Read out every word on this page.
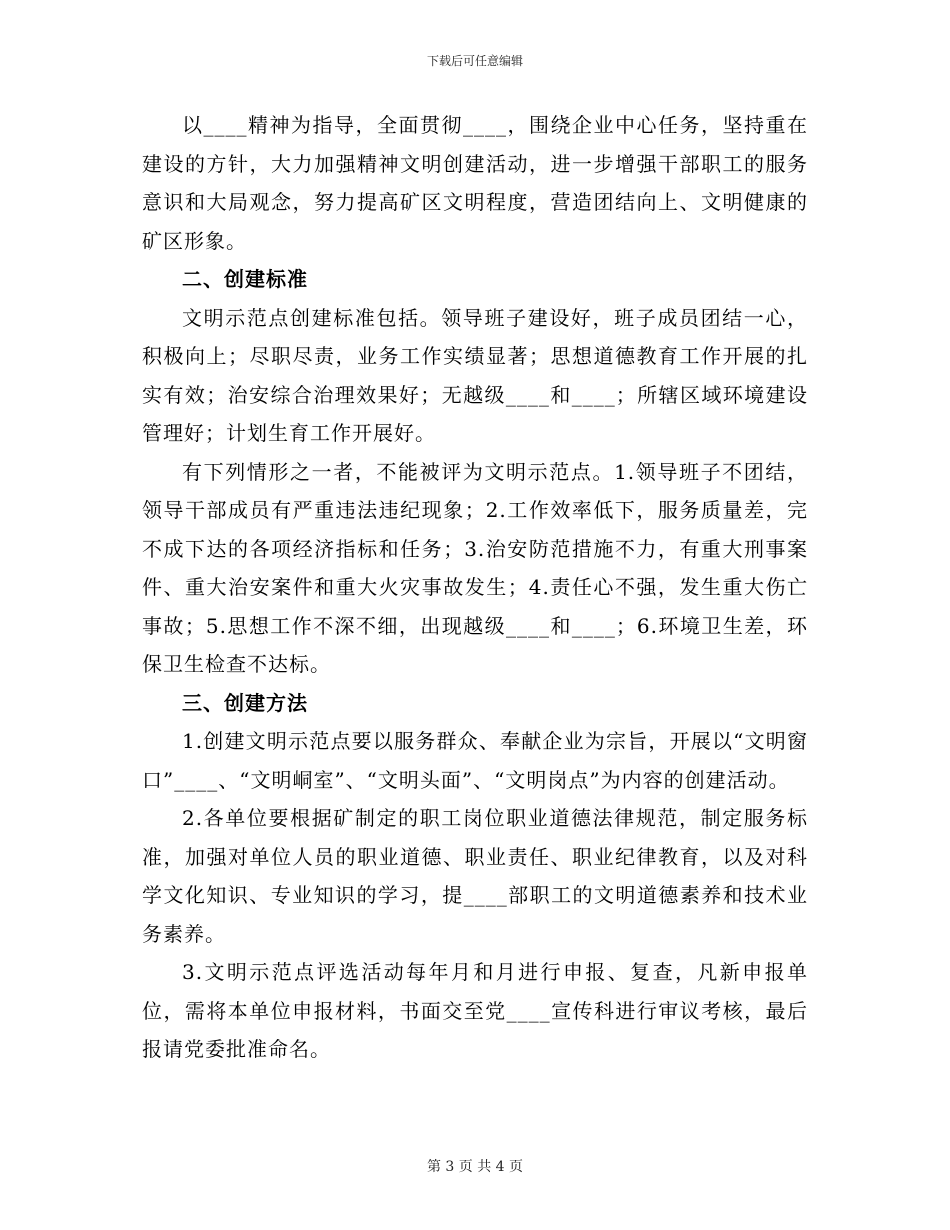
下载后可任意编辑

以____精神为指导，全面贯彻____，围绕企业中心任务，坚持重在建设的方针，大力加强精神文明创建活动，进一步增强干部职工的服务意识和大局观念，努力提高矿区文明程度，营造团结向上、文明健康的矿区形象。

二、创建标准

文明示范点创建标准包括。领导班子建设好，班子成员团结一心，积极向上；尽职尽责，业务工作实绩显著；思想道德教育工作开展的扎实有效；治安综合治理效果好；无越级____和____；所辖区域环境建设管理好；计划生育工作开展好。

有下列情形之一者，不能被评为文明示范点。1.领导班子不团结，领导干部成员有严重违法违纪现象；2.工作效率低下，服务质量差，完不成下达的各项经济指标和任务；3.治安防范措施不力，有重大刑事案件、重大治安案件和重大火灾事故发生；4.责任心不强，发生重大伤亡事故；5.思想工作不深不细，出现越级____和____；6.环境卫生差，环保卫生检查不达标。

三、创建方法

1.创建文明示范点要以服务群众、奉献企业为宗旨，开展以“文明窗口”____、“文明峒室”、“文明头面”、“文明岗点”为内容的创建活动。

2.各单位要根据矿制定的职工岗位职业道德法律规范，制定服务标准，加强对单位人员的职业道德、职业责任、职业纪律教育，以及对科学文化知识、专业知识的学习，提____部职工的文明道德素养和技术业务素养。

3.文明示范点评选活动每年月和月进行申报、复查，凡新申报单位，需将本单位申报材料，书面交至党____宣传科进行审议考核，最后报请党委批准命名。

第 3 页 共 4 页
